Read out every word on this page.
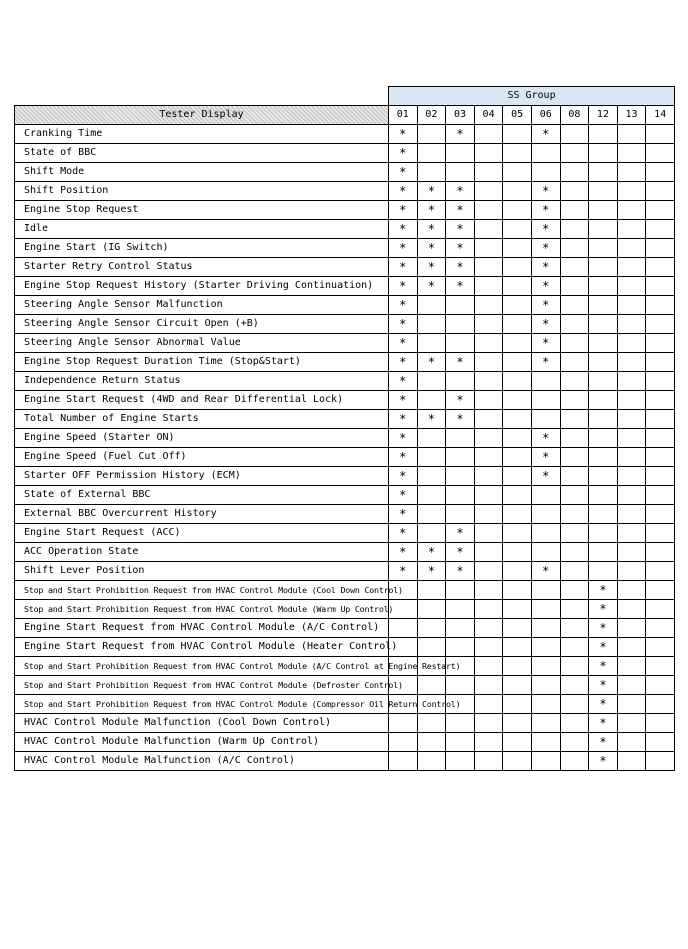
	SS Group									
Tester Display	01	02	03	04	05	06	08	12	13	14
Cranking Time	*		*			*				
State of BBC	*									
Shift Mode	*									
Shift Position	*	*	*			*				
Engine Stop Request	*	*	*			*				
Idle	*	*	*			*				
Engine Start (IG Switch)	*	*	*			*				
Starter Retry Control Status	*	*	*			*				
Engine Stop Request History (Starter Driving Continuation)	*	*	*			*				
Steering Angle Sensor Malfunction	*					*				
Steering Angle Sensor Circuit Open (+B)	*					*				
Steering Angle Sensor Abnormal Value	*					*				
Engine Stop Request Duration Time (Stop&Start)	*	*	*			*				
Independence Return Status	*									
Engine Start Request (4WD and Rear Differential Lock)	*		*							
Total Number of Engine Starts	*	*	*							
Engine Speed (Starter ON)	*					*				
Engine Speed (Fuel Cut Off)	*					*				
Starter OFF Permission History (ECM)	*					*				
State of External BBC	*									
External BBC Overcurrent History	*									
Engine Start Request (ACC)	*		*							
ACC Operation State	*	*	*							
Shift Lever Position	*	*	*			*				
Stop and Start Prohibition Request from HVAC Control Module (Cool Down Control)								*		
Stop and Start Prohibition Request from HVAC Control Module (Warm Up Control)								*		
Engine Start Request from HVAC Control Module (A/C Control)								*		
Engine Start Request from HVAC Control Module (Heater Control)								*		
Stop and Start Prohibition Request from HVAC Control Module (A/C Control at Engine Restart)								*		
Stop and Start Prohibition Request from HVAC Control Module (Defroster Control)								*		
Stop and Start Prohibition Request from HVAC Control Module (Compressor Oil Return Control)								*		
HVAC Control Module Malfunction (Cool Down Control)								*		
HVAC Control Module Malfunction (Warm Up Control)								*		
HVAC Control Module Malfunction (A/C Control)								*		
